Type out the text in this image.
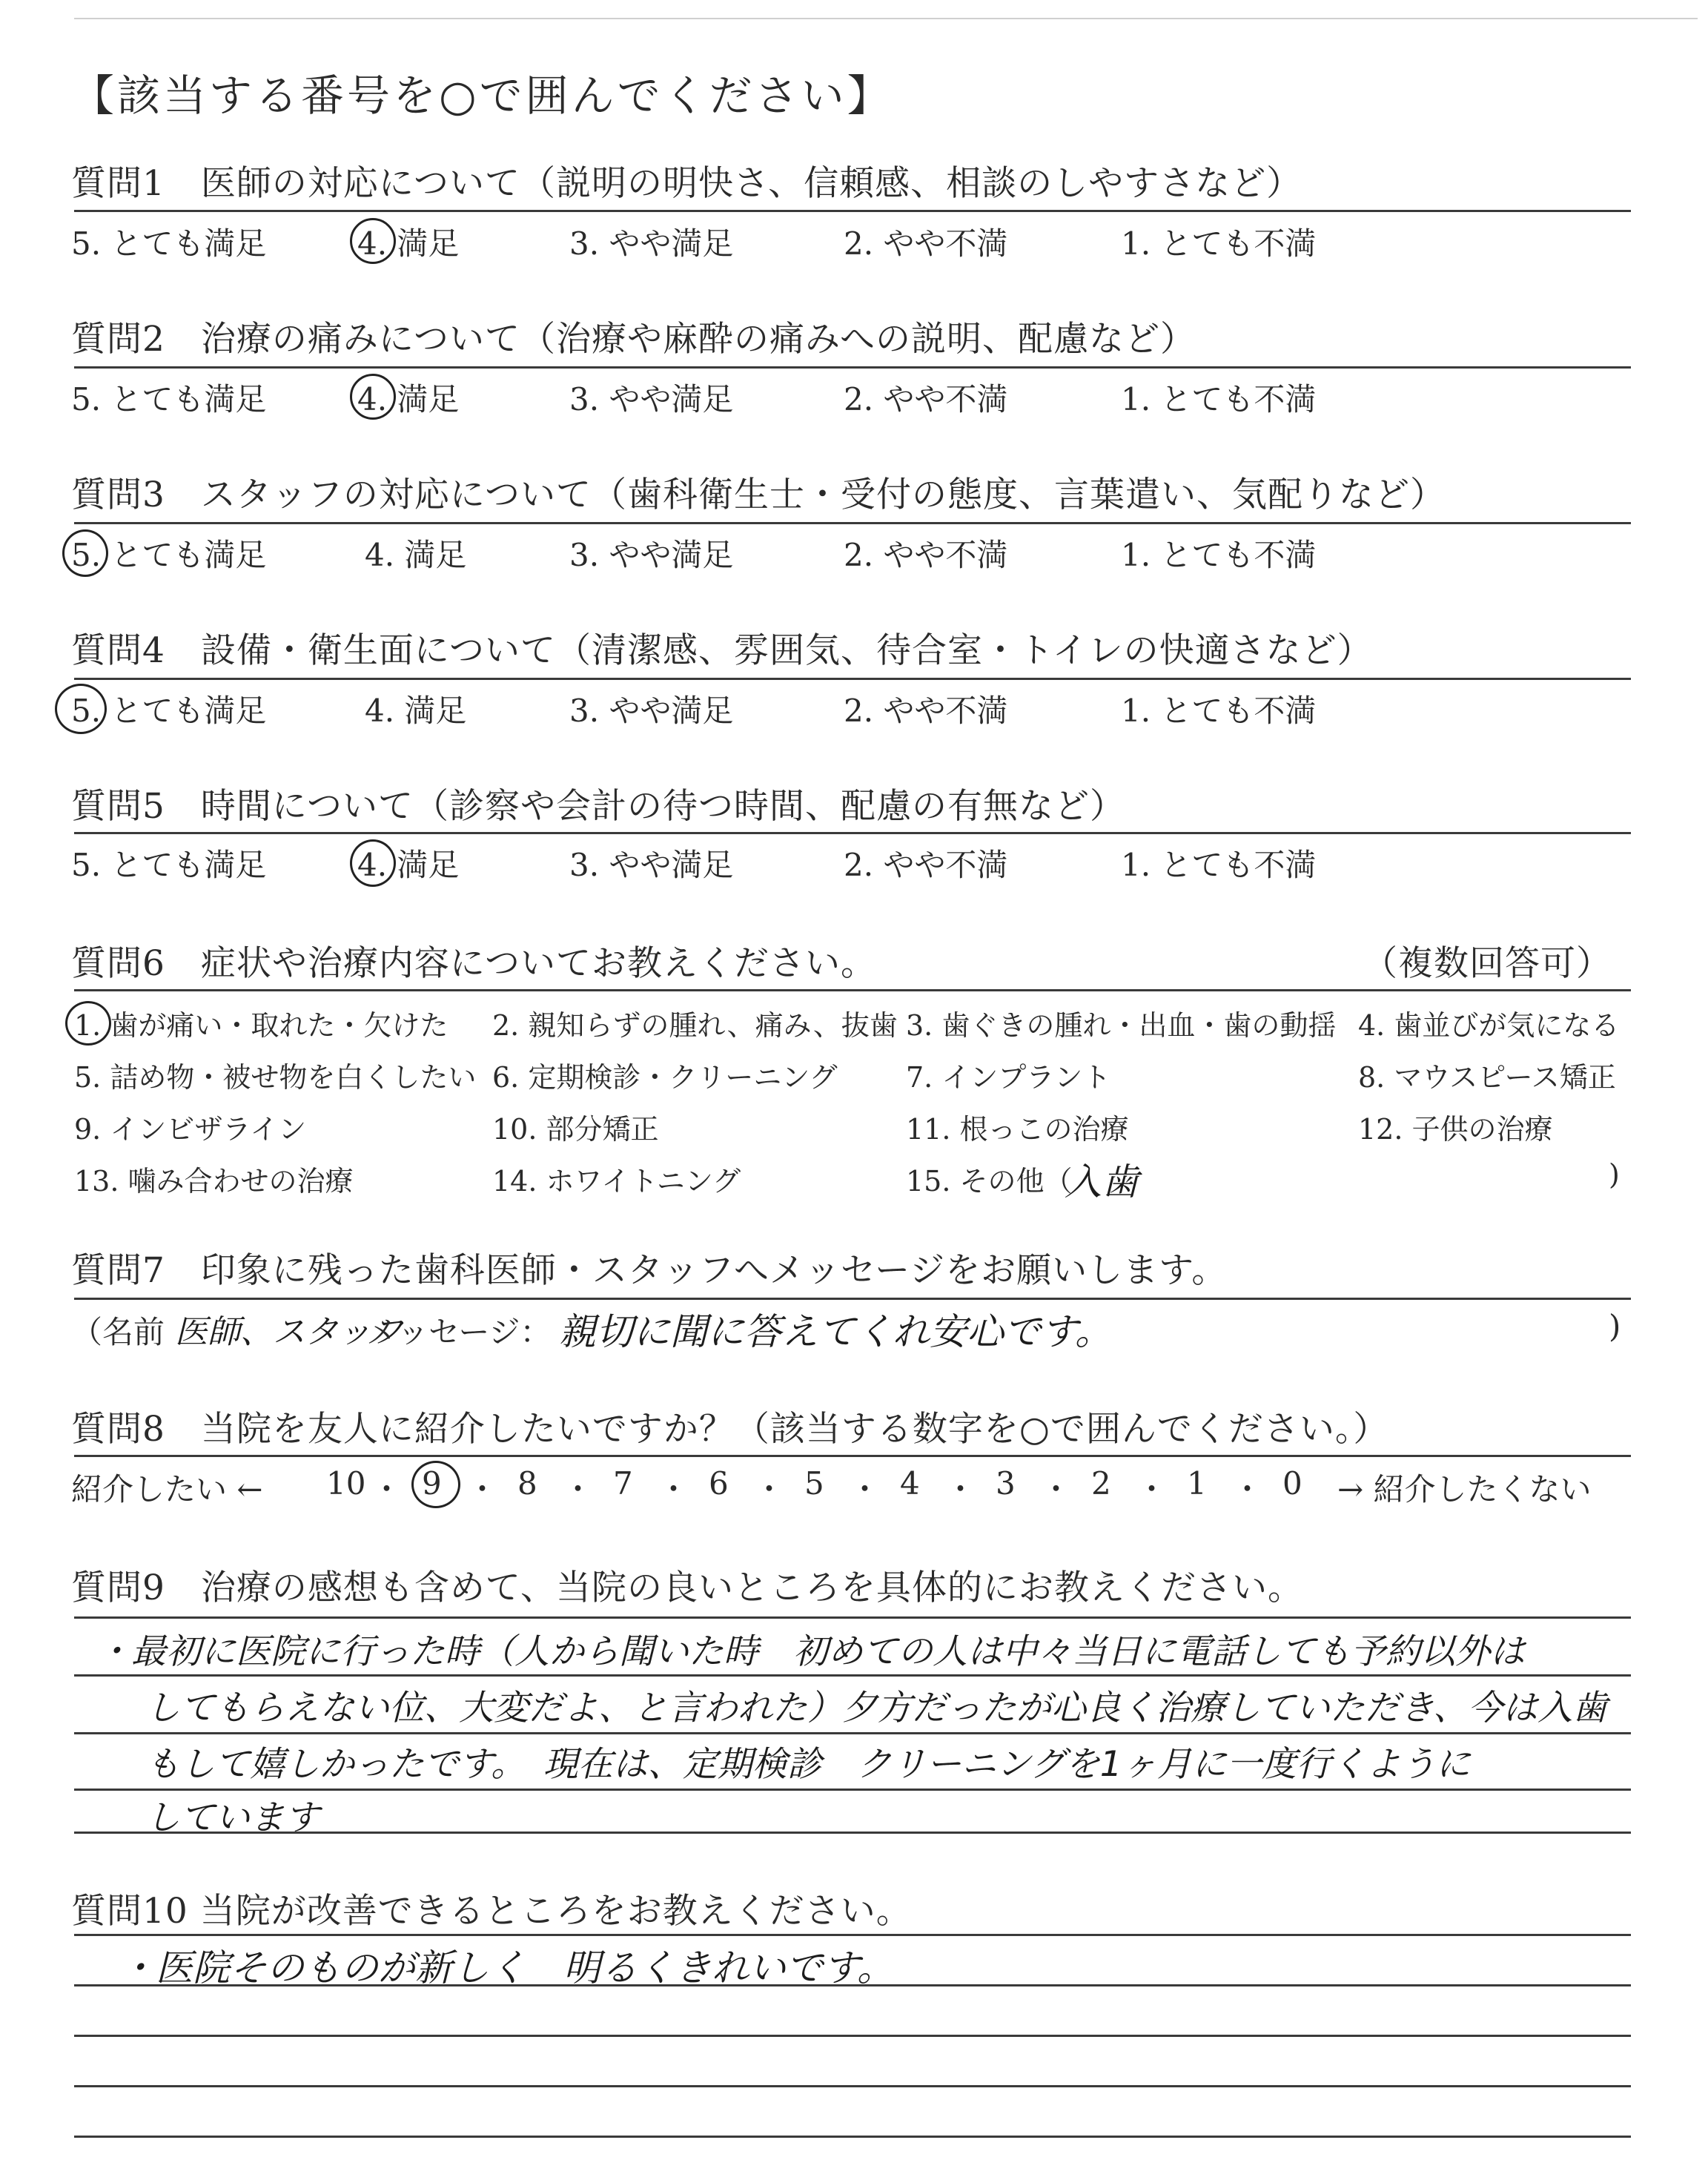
【該当する番号を○で囲んでください】
質問1　医師の対応について（説明の明快さ、信頼感、相談のしやすさなど）
5. とても満足	4. 満足	3. やや満足	2. やや不満	1. とても不満
質問2　治療の痛みについて（治療や麻酔の痛みへの説明、配慮など）
5. とても満足	4. 満足	3. やや満足	2. やや不満	1. とても不満
質問3　スタッフの対応について（歯科衛生士・受付の態度、言葉遣い、気配りなど）
5. とても満足	4. 満足	3. やや満足	2. やや不満	1. とても不満
質問4　設備・衛生面について（清潔感、雰囲気、待合室・トイレの快適さなど）
5. とても満足	4. 満足	3. やや満足	2. やや不満	1. とても不満
質問5　時間について（診察や会計の待つ時間、配慮の有無など）
5. とても満足	4. 満足	3. やや満足	2. やや不満	1. とても不満
質問6　症状や治療内容についてお教えください。	（複数回答可）
1. 歯が痛い・取れた・欠けた 2. 親知らずの腫れ、痛み、抜歯 3. 歯ぐきの腫れ・出血・歯の動揺 4. 歯並びが気になる
5. 詰め物・被せ物を白くしたい 6. 定期検診・クリーニング 7. インプラント	8. マウスピース矯正
9. インビザライン	10. 部分矯正	11. 根っこの治療	12. 子供の治療
13. 噛み合わせの治療	14. ホワイトニング	15. その他（
入歯	)
質問7　印象に残った歯科医師・スタッフへメッセージをお願いします。
（名前 医師、スタッフ
メッセージ： 親切に聞に答えてくれ安心です。	)
質問8　当院を友人に紹介したいですか？（該当する数字を○で囲んでください。）
紹介したい ←	→ 紹介したくない
10 ・ 9 ・ 8 ・ 7 ・ 6 ・ 5 ・ 4 ・ 3 ・ 2 ・ 1 ・ 0
質問9　治療の感想も含めて、当院の良いところを具体的にお教えください。
・最初に医院に行った時（人から聞いた時　初めての人は中々当日に電話しても予約以外は
してもらえない位、大変だよ、と言われた）夕方だったが心良く治療していただき、今は入歯
もして嬉しかったです。　現在は、定期検診　クリーニングを1ヶ月に一度行くように
しています
質問10 当院が改善できるところをお教えください。
・医院そのものが新しく　明るくきれいです。
